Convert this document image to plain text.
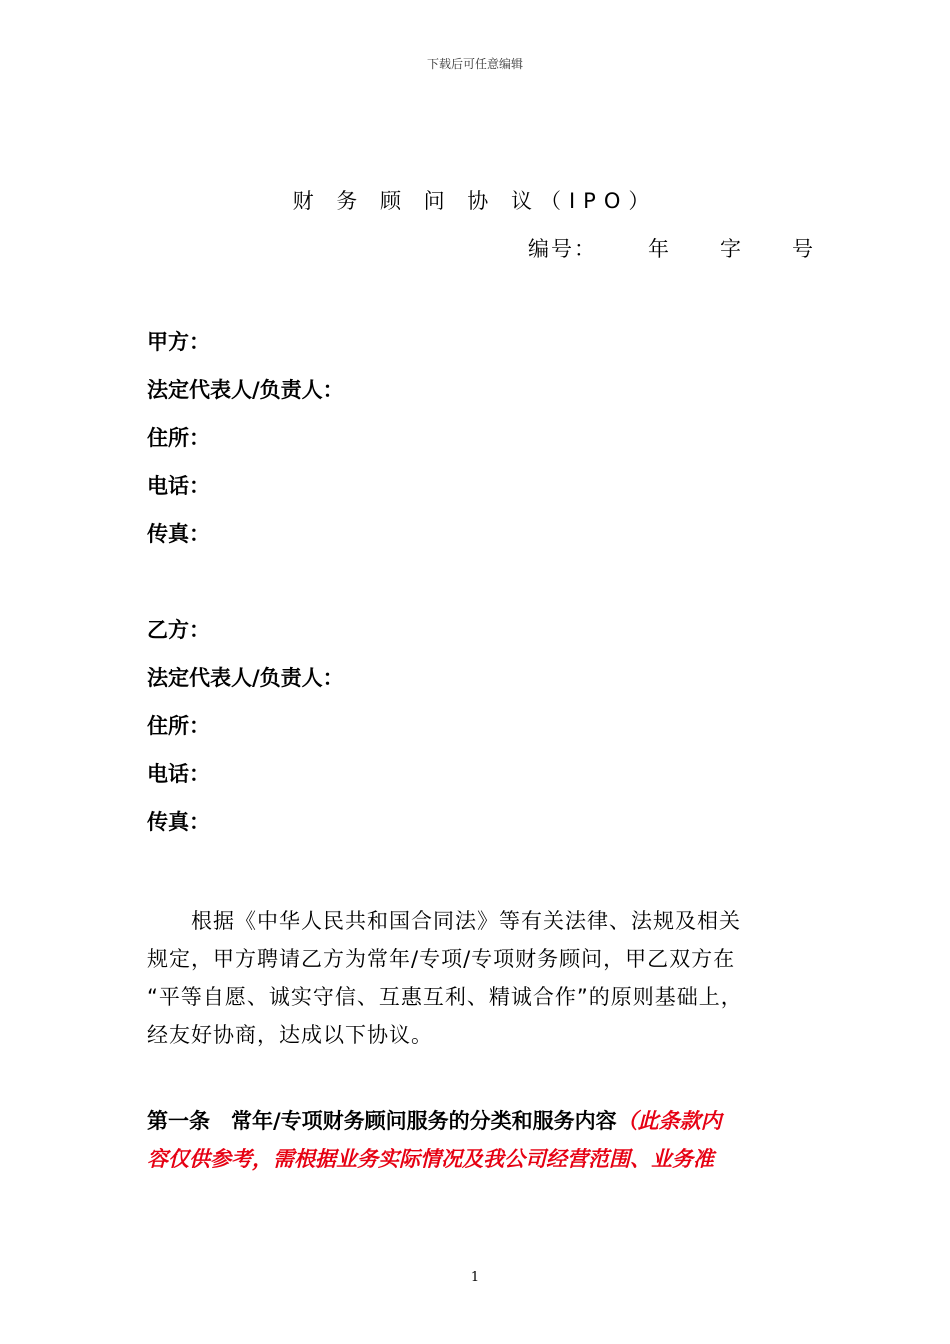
下载后可任意编辑
财 务 顾 问 协 议（IPO）
编号： 年 字 号
甲方：
法定代表人/负责人：
住所：
电话：
传真：
乙方：
法定代表人/负责人：
住所：
电话：
传真：
　　根据《中华人民共和国合同法》等有关法律、法规及相关
规定，甲方聘请乙方为常年/专项/专项财务顾问，甲乙双方在
“平等自愿、诚实守信、互惠互利、精诚合作”的原则基础上，
经友好协商，达成以下协议。
第一条　常年/专项财务顾问服务的分类和服务内容（此条款内
容仅供参考，需根据业务实际情况及我公司经营范围、业务准
1
